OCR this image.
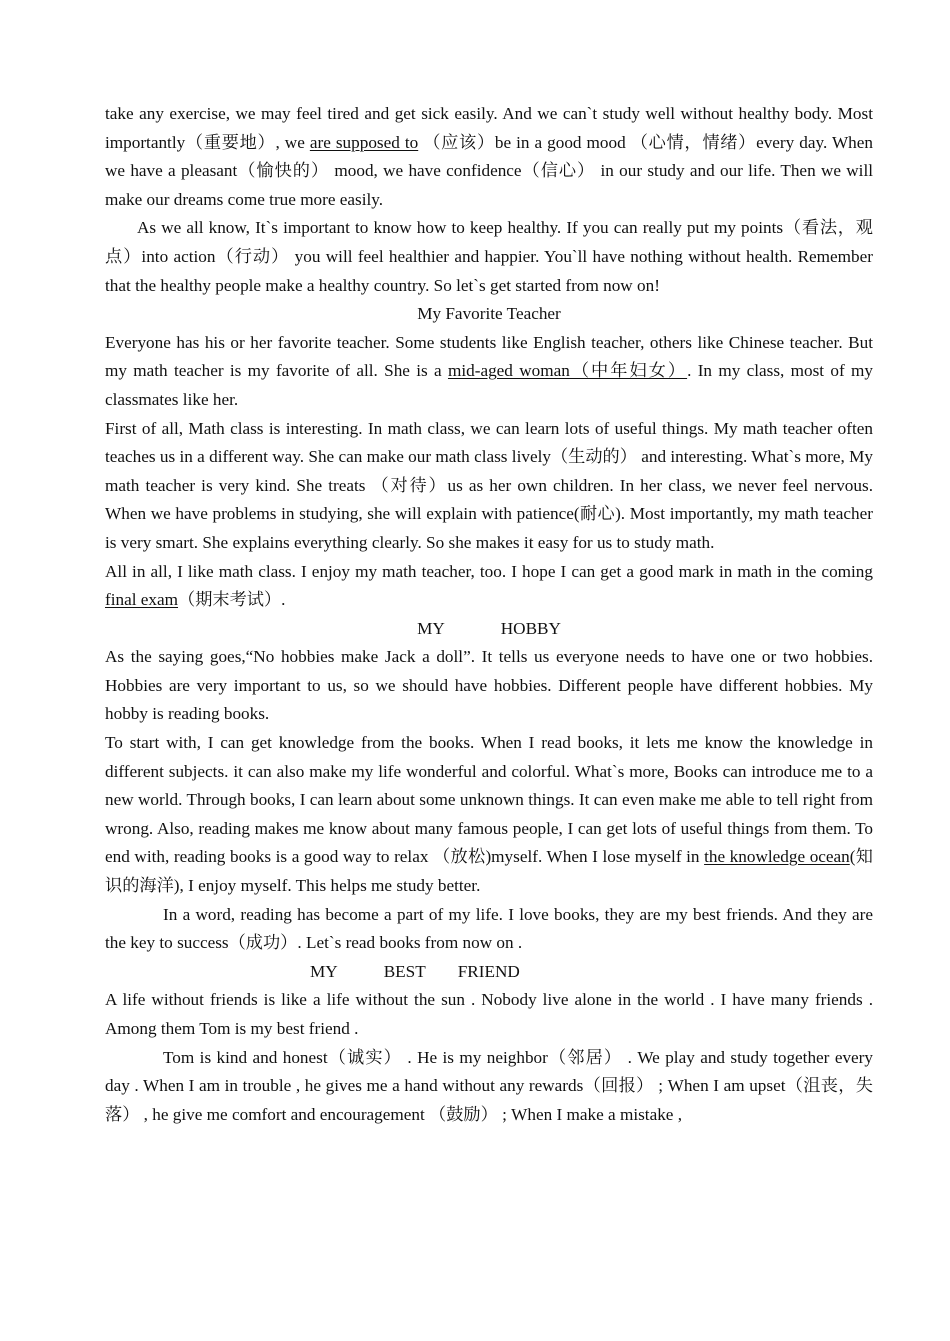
take any exercise, we may feel tired and get sick easily. And we can`t study well without healthy body. Most importantly（重要地）, we are supposed to （应该）be in a good mood （心情，情绪）every day. When we have a pleasant（愉快的） mood, we have confidence（信心） in our study and our life. Then we will make our dreams come true more easily.

As we all know, It`s important to know how to keep healthy. If you can really put my points（看法，观点）into action（行动） you will feel healthier and happier. You`ll have nothing without health. Remember that the healthy people make a healthy country. So let`s get started from now on!

My Favorite Teacher

Everyone has his or her favorite teacher. Some students like English teacher, others like Chinese teacher. But my math teacher is my favorite of all. She is a mid-aged woman（中年妇女）. In my class, most of my classmates like her.

First of all, Math class is interesting. In math class, we can learn lots of useful things. My math teacher often teaches us in a different way. She can make our math class lively（生动的） and interesting. What`s more, My math teacher is very kind. She treats （对待）us as her own children. In her class, we never feel nervous. When we have problems in studying, she will explain with patience(耐心). Most importantly, my math teacher is very smart. She explains everything clearly. So she makes it easy for us to study math.

All in all, I like math class. I enjoy my math teacher, too. I hope I can get a good mark in math in the coming final exam（期末考试）.

MY	HOBBY

As the saying goes,“No hobbies make Jack a doll”. It tells us everyone needs to have one or two hobbies. Hobbies are very important to us, so we should have hobbies. Different people have different hobbies. My hobby is reading books.

To start with, I can get knowledge from the books. When I read books, it lets me know the knowledge in different subjects. it can also make my life wonderful and colorful. What`s more, Books can introduce me to a new world. Through books, I can learn about some unknown things. It can even make me able to tell right from wrong. Also, reading makes me know about many famous people, I can get lots of useful things from them. To end with, reading books is a good way to relax （放松)myself. When I lose myself in the knowledge ocean(知识的海洋), I enjoy myself. This helps me study better.

In a word, reading has become a part of my life. I love books, they are my best friends. And they are the key to success（成功）. Let`s read books from now on .

MY	BEST FRIEND

A life without friends is like a life without the sun . Nobody live alone in the world . I have many friends . Among them Tom is my best friend .

Tom is kind and honest（诚实） . He is my neighbor（邻居） . We play and study together every day . When I am in trouble , he gives me a hand without any rewards（回报） ; When I am upset（沮丧，失落） , he give me comfort and encouragement （鼓励） ; When I make a mistake ,
